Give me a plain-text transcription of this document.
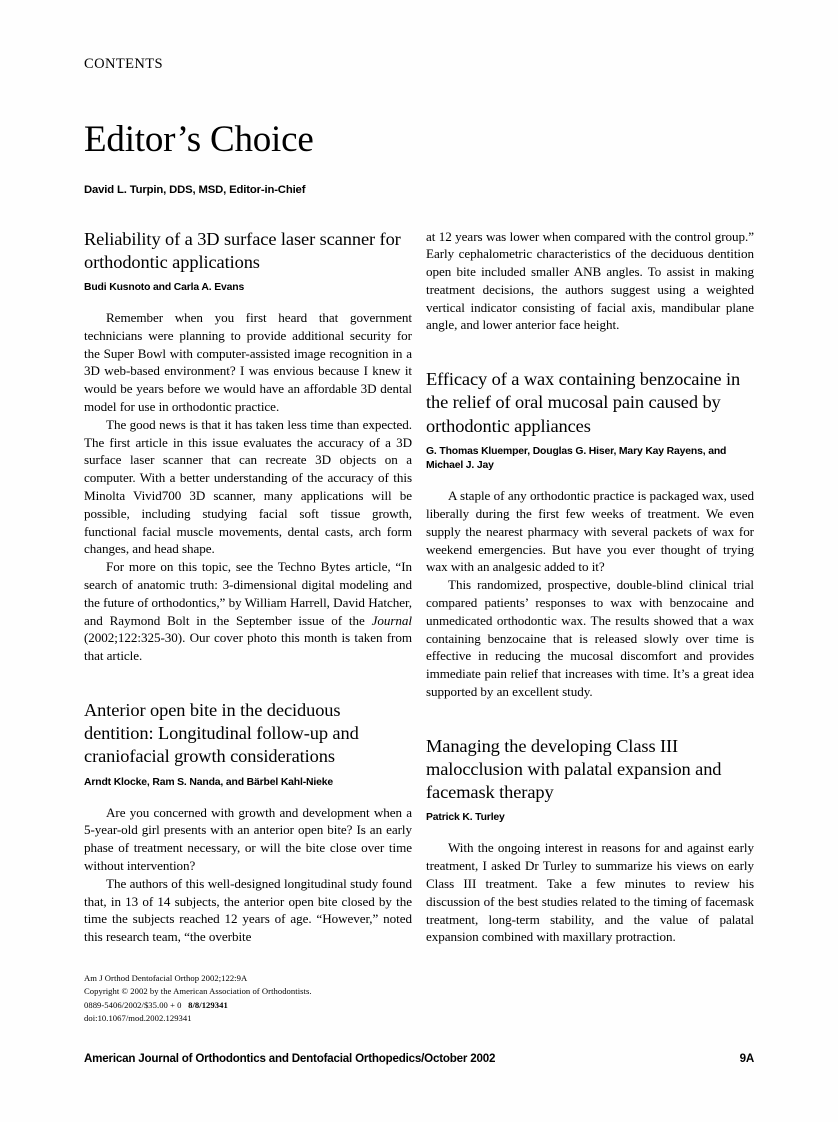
CONTENTS
Editor’s Choice
David L. Turpin, DDS, MSD, Editor-in-Chief
Reliability of a 3D surface laser scanner for orthodontic applications
Budi Kusnoto and Carla A. Evans

Remember when you first heard that government technicians were planning to provide additional security for the Super Bowl with computer-assisted image recognition in a 3D web-based environment? I was envious because I knew it would be years before we would have an affordable 3D dental model for use in orthodontic practice.

The good news is that it has taken less time than expected. The first article in this issue evaluates the accuracy of a 3D surface laser scanner that can recreate 3D objects on a computer. With a better understanding of the accuracy of this Minolta Vivid700 3D scanner, many applications will be possible, including studying facial soft tissue growth, functional facial muscle movements, dental casts, arch form changes, and head shape.

For more on this topic, see the Techno Bytes article, “In search of anatomic truth: 3-dimensional digital modeling and the future of orthodontics,” by William Harrell, David Hatcher, and Raymond Bolt in the September issue of the Journal (2002;122:325-30). Our cover photo this month is taken from that article.

Anterior open bite in the deciduous dentition: Longitudinal follow-up and craniofacial growth considerations
Arndt Klocke, Ram S. Nanda, and Bärbel Kahl-Nieke

Are you concerned with growth and development when a 5-year-old girl presents with an anterior open bite? Is an early phase of treatment necessary, or will the bite close over time without intervention?

The authors of this well-designed longitudinal study found that, in 13 of 14 subjects, the anterior open bite closed by the time the subjects reached 12 years of age. “However,” noted this research team, “the overbite

Am J Orthod Dentofacial Orthop 2002;122:9A
Copyright © 2002 by the American Association of Orthodontists.
0889-5406/2002/$35.00 + 0 8/8/129341
doi:10.1067/mod.2002.129341

at 12 years was lower when compared with the control group.” Early cephalometric characteristics of the deciduous dentition open bite included smaller ANB angles. To assist in making treatment decisions, the authors suggest using a weighted vertical indicator consisting of facial axis, mandibular plane angle, and lower anterior face height.

Efficacy of a wax containing benzocaine in the relief of oral mucosal pain caused by orthodontic appliances
G. Thomas Kluemper, Douglas G. Hiser, Mary Kay Rayens, and Michael J. Jay

A staple of any orthodontic practice is packaged wax, used liberally during the first few weeks of treatment. We even supply the nearest pharmacy with several packets of wax for weekend emergencies. But have you ever thought of trying wax with an analgesic added to it?

This randomized, prospective, double-blind clinical trial compared patients’ responses to wax with benzocaine and unmedicated orthodontic wax. The results showed that a wax containing benzocaine that is released slowly over time is effective in reducing the mucosal discomfort and provides immediate pain relief that increases with time. It’s a great idea supported by an excellent study.

Managing the developing Class III malocclusion with palatal expansion and facemask therapy
Patrick K. Turley

With the ongoing interest in reasons for and against early treatment, I asked Dr Turley to summarize his views on early Class III treatment. Take a few minutes to review his discussion of the best studies related to the timing of facemask treatment, long-term stability, and the value of palatal expansion combined with maxillary protraction.

American Journal of Orthodontics and Dentofacial Orthopedics/October 2002	9A
